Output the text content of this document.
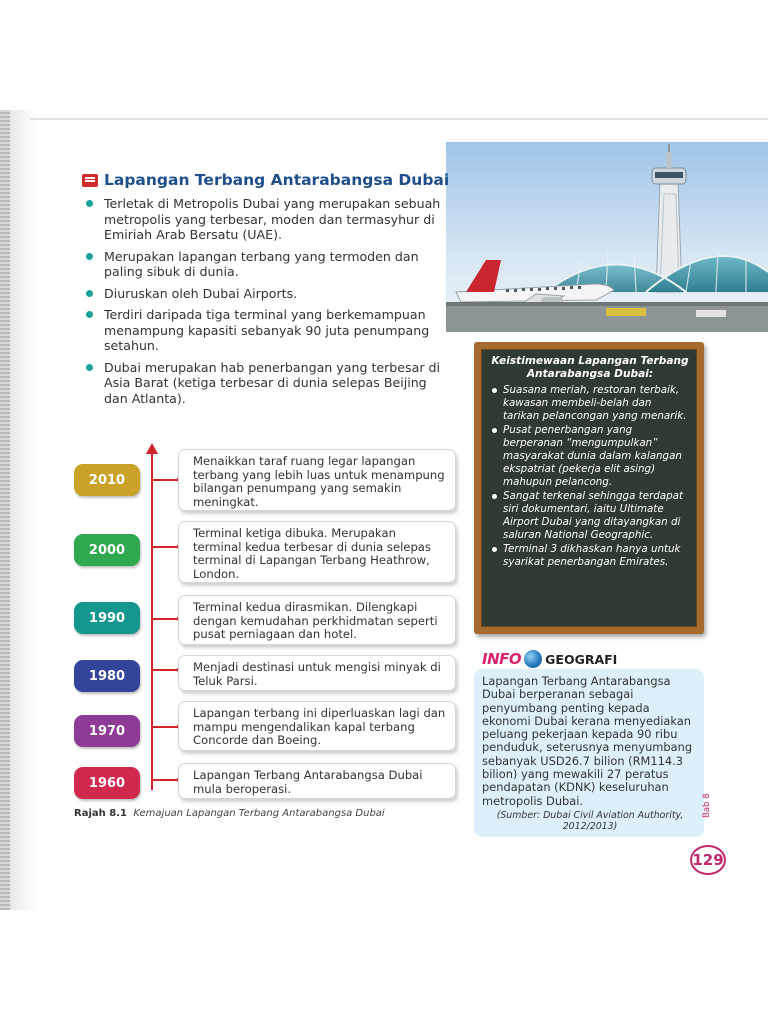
Lapangan Terbang Antarabangsa Dubai
Terletak di Metropolis Dubai yang merupakan sebuah metropolis yang terbesar, moden dan termasyhur di Emiriah Arab Bersatu (UAE).
Merupakan lapangan terbang yang termoden dan paling sibuk di dunia.
Diuruskan oleh Dubai Airports.
Terdiri daripada tiga terminal yang berkemampuan menampung kapasiti sebanyak 90 juta penumpang setahun.
Dubai merupakan hab penerbangan yang terbesar di Asia Barat (ketiga terbesar di dunia selepas Beijing dan Atlanta).
2010
2000
1990
1980
1970
1960
Menaikkan taraf ruang legar lapangan terbang yang lebih luas untuk menampung bilangan penumpang yang semakin meningkat.
Terminal ketiga dibuka. Merupakan terminal kedua terbesar di dunia selepas terminal di Lapangan Terbang Heathrow, London.
Terminal kedua dirasmikan. Dilengkapi dengan kemudahan perkhidmatan seperti pusat perniagaan dan hotel.
Menjadi destinasi untuk mengisi minyak di Teluk Parsi.
Lapangan terbang ini diperluaskan lagi dan mampu mengendalikan kapal terbang Concorde dan Boeing.
Lapangan Terbang Antarabangsa Dubai mula beroperasi.
Rajah 8.1 Kemajuan Lapangan Terbang Antarabangsa Dubai
Keistimewaan Lapangan Terbang Antarabangsa Dubai:
Suasana meriah, restoran terbaik, kawasan membeli-belah dan tarikan pelancongan yang menarik.
Pusat penerbangan yang berperanan “mengumpulkan” masyarakat dunia dalam kalangan ekspatriat (pekerja elit asing) mahupun pelancong.
Sangat terkenal sehingga terdapat siri dokumentari, iaitu Ultimate Airport Dubai yang ditayangkan di saluran National Geographic.
Terminal 3 dikhaskan hanya untuk syarikat penerbangan Emirates.
INFO GEOGRAFI
Lapangan Terbang Antarabangsa Dubai berperanan sebagai penyumbang penting kepada ekonomi Dubai kerana menyediakan peluang pekerjaan kepada 90 ribu penduduk, seterusnya menyumbang sebanyak USD26.7 bilion (RM114.3 bilion) yang mewakili 27 peratus pendapatan (KDNK) keseluruhan metropolis Dubai.
(Sumber: Dubai Civil Aviation Authority, 2012/2013)
Bab 8
129
